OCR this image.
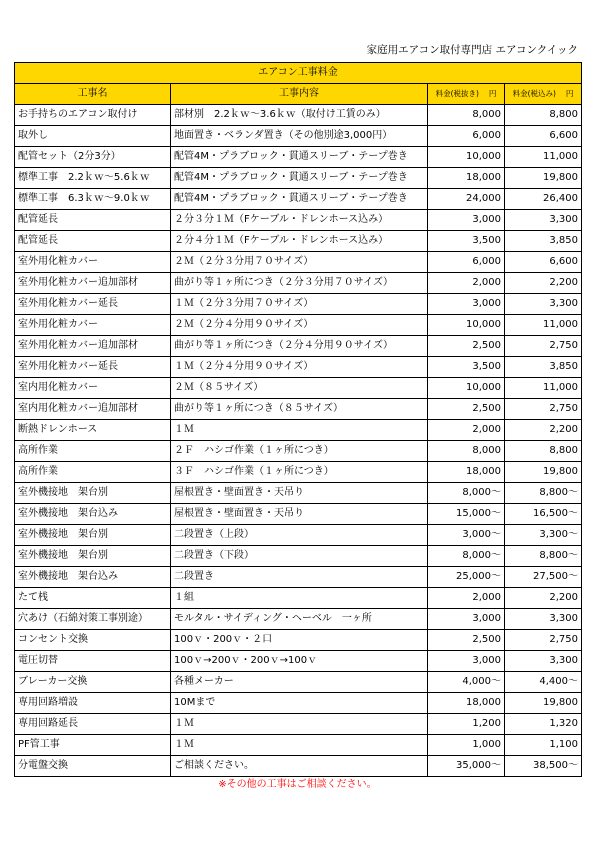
家庭用エアコン取付専門店 エアコンクイック
エアコン工事料金			
工事名	工事内容	料金(税抜き)　 円	料金(税込み)　 円
お手持ちのエアコン取付け	部材別　2.2ｋｗ～3.6ｋｗ（取付け工賃のみ）	8,000	8,800
取外し	地面置き・ベランダ置き（その他別途3,000円）	6,000	6,600
配管セット（2分3分）	配管4M・プラブロック・貫通スリーブ・テープ巻き	10,000	11,000
標準工事　2.2ｋｗ～5.6ｋｗ	配管4M・プラブロック・貫通スリーブ・テープ巻き	18,000	19,800
標準工事　6.3ｋｗ～9.0ｋｗ	配管4M・プラブロック・貫通スリーブ・テープ巻き	24,000	26,400
配管延長	２分３分１Ｍ（Fケーブル・ドレンホース込み）	3,000	3,300
配管延長	２分４分１Ｍ（Fケーブル・ドレンホース込み）	3,500	3,850
室外用化粧カバー	２Ｍ（２分３分用７０サイズ）	6,000	6,600
室外用化粧カバー追加部材	曲がり等１ヶ所につき（２分３分用７０サイズ）	2,000	2,200
室外用化粧カバー延長	１Ｍ（２分３分用７０サイズ）	3,000	3,300
室外用化粧カバー	２Ｍ（２分４分用９０サイズ）	10,000	11,000
室外用化粧カバー追加部材	曲がり等１ヶ所につき（２分４分用９０サイズ）	2,500	2,750
室外用化粧カバー延長	１Ｍ（２分４分用９０サイズ）	3,500	3,850
室内用化粧カバー	２Ｍ（８５サイズ）	10,000	11,000
室内用化粧カバー追加部材	曲がり等１ヶ所につき（８５サイズ）	2,500	2,750
断熱ドレンホース	１Ｍ	2,000	2,200
高所作業	２Ｆ　ハシゴ作業（１ヶ所につき）	8,000	8,800
高所作業	３Ｆ　ハシゴ作業（１ヶ所につき）	18,000	19,800
室外機接地　架台別	屋根置き・壁面置き・天吊り	8,000～	8,800～
室外機接地　架台込み	屋根置き・壁面置き・天吊り	15,000～	16,500～
室外機接地　架台別	二段置き（上段）	3,000～	3,300～
室外機接地　架台別	二段置き（下段）	8,000～	8,800～
室外機接地　架台込み	二段置き	25,000～	27,500～
たて桟	１組	2,000	2,200
穴あけ（石綿対策工事別途）	モルタル・サイディング・ヘーベル　一ヶ所	3,000	3,300
コンセント交換	100ｖ・200ｖ・２口	2,500	2,750
電圧切替	100ｖ→200ｖ・200ｖ→100ｖ	3,000	3,300
ブレーカー交換	各種メーカー	4,000～	4,400～
専用回路増設	10Mまで	18,000	19,800
専用回路延長	１Ｍ	1,200	1,320
PF管工事	１Ｍ	1,000	1,100
分電盤交換	ご相談ください。	35,000～	38,500～
※その他の工事はご相談ください。
